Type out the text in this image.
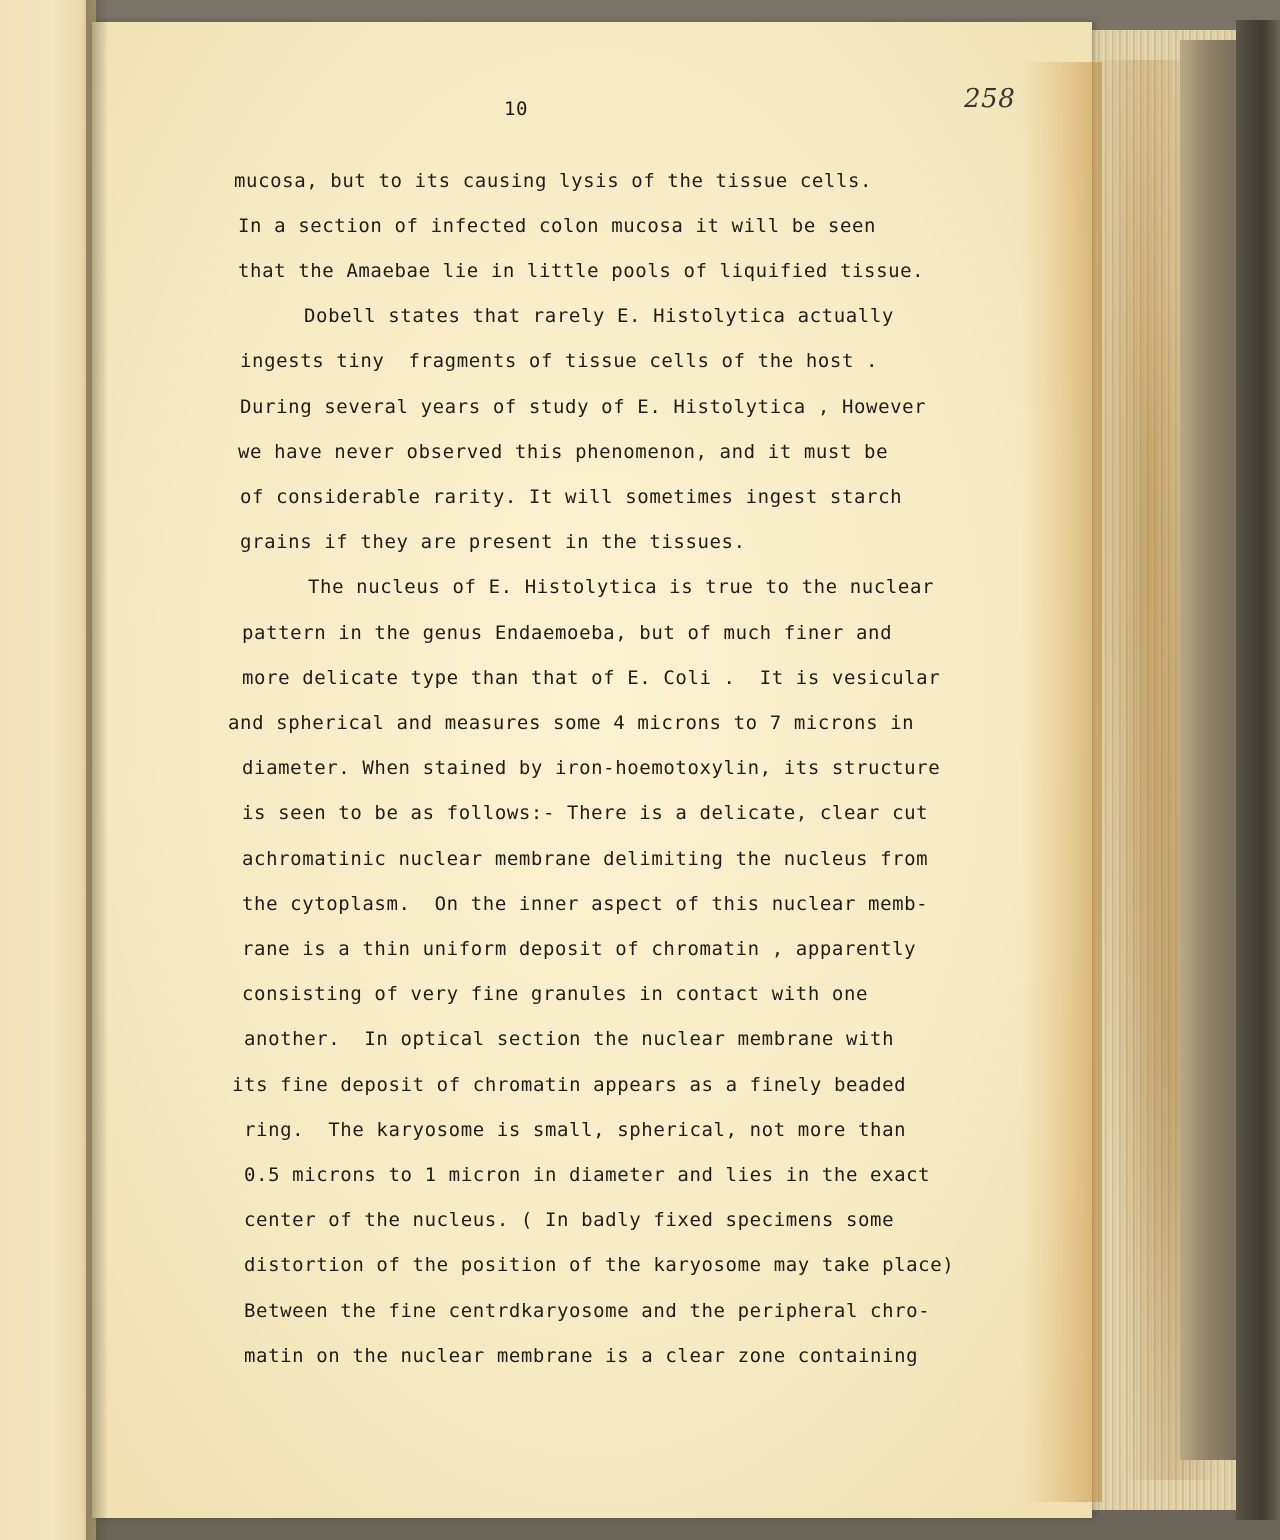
10	258
mucosa, but to its causing lysis of the tissue cells.
In a section of infected colon mucosa it will be seen
that the Amaebae lie in little pools of liquified tissue.
Dobell states that rarely E. Histolytica actually
ingests tiny  fragments of tissue cells of the host .
During several years of study of E. Histolytica , However
we have never observed this phenomenon, and it must be
of considerable rarity. It will sometimes ingest starch
grains if they are present in the tissues.
The nucleus of E. Histolytica is true to the nuclear
pattern in the genus Endaemoeba, but of much finer and
more delicate type than that of E. Coli .  It is vesicular
and spherical and measures some 4 microns to 7 microns in
diameter. When stained by iron-hoemotoxylin, its structure
is seen to be as follows:- There is a delicate, clear cut
achromatinic nuclear membrane delimiting the nucleus from
the cytoplasm.  On the inner aspect of this nuclear memb-
rane is a thin uniform deposit of chromatin , apparently
consisting of very fine granules in contact with one
another.  In optical section the nuclear membrane with
its fine deposit of chromatin appears as a finely beaded
ring.  The karyosome is small, spherical, not more than
0.5 microns to 1 micron in diameter and lies in the exact
center of the nucleus. ( In badly fixed specimens some
distortion of the position of the karyosome may take place)
Between the fine centrdkaryosome and the peripheral chro-
matin on the nuclear membrane is a clear zone containing
